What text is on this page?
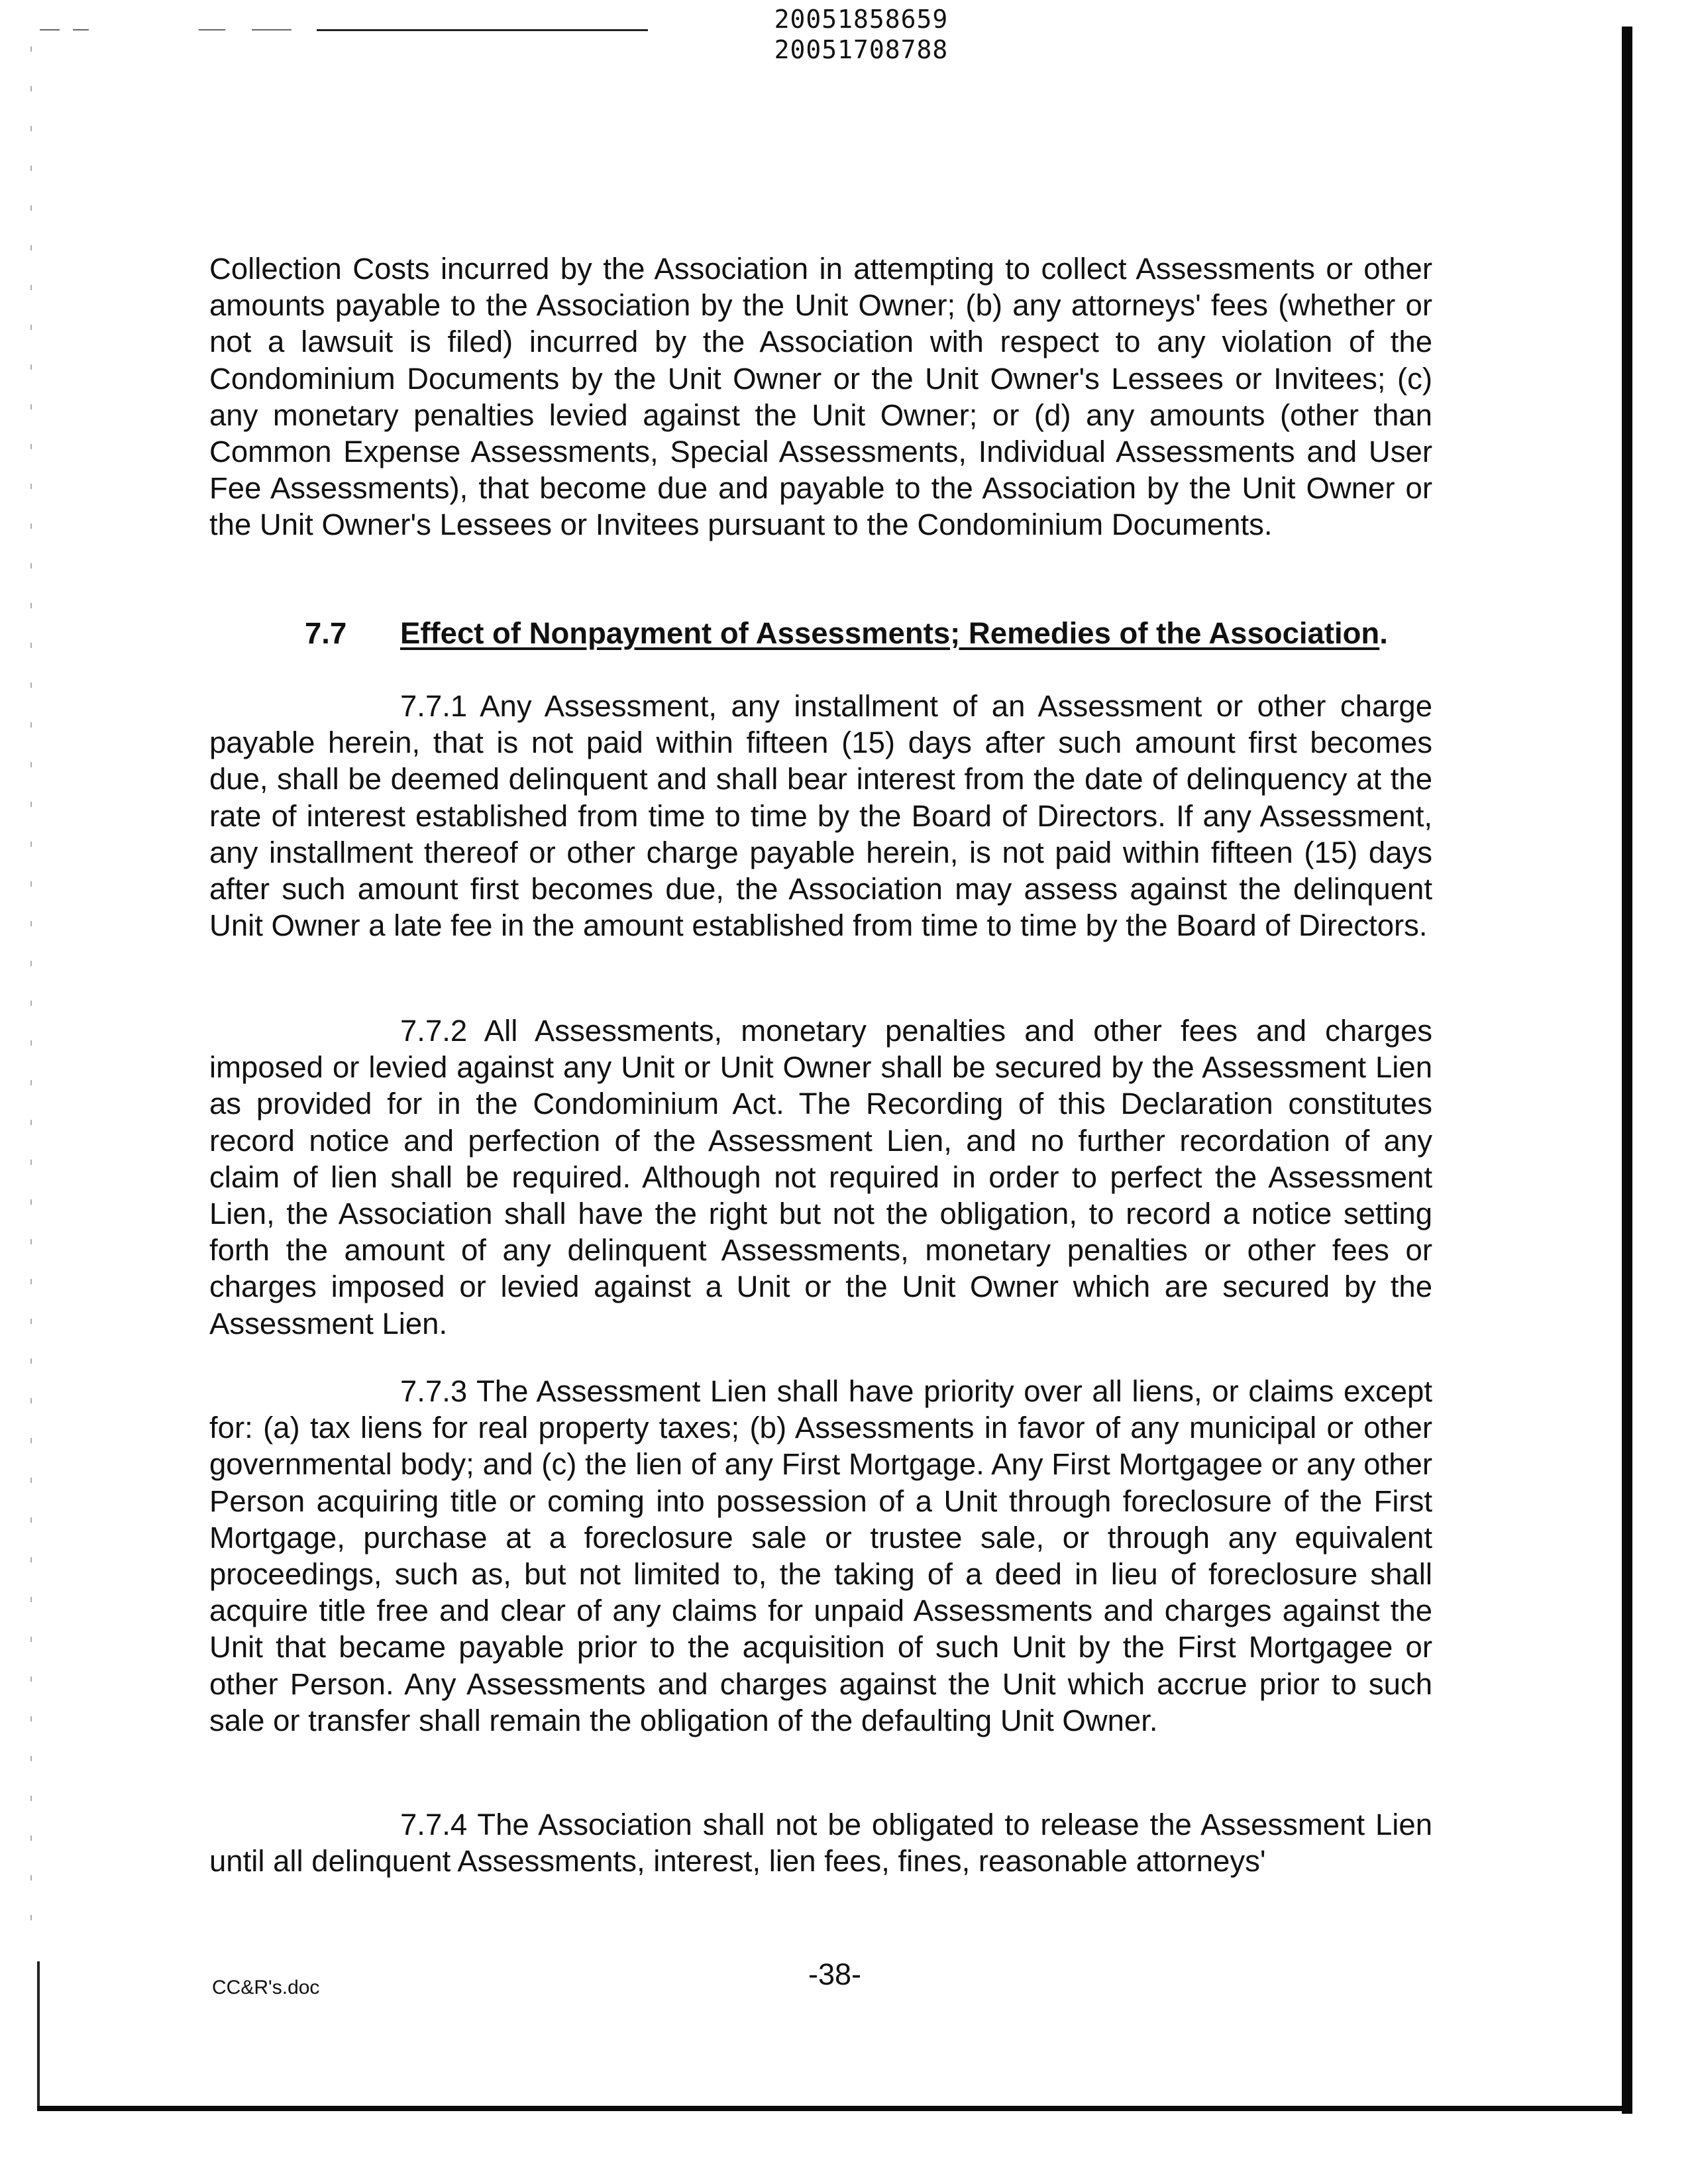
20051858659
20051708788

Collection Costs incurred by the Association in attempting to collect Assessments or other amounts payable to the Association by the Unit Owner; (b) any attorneys' fees (whether or not a lawsuit is filed) incurred by the Association with respect to any violation of the Condominium Documents by the Unit Owner or the Unit Owner's Lessees or Invitees; (c) any monetary penalties levied against the Unit Owner; or (d) any amounts (other than Common Expense Assessments, Special Assessments, Individual Assessments and User Fee Assessments), that become due and payable to the Association by the Unit Owner or the Unit Owner's Lessees or Invitees pursuant to the Condominium Documents.

7.7 Effect of Nonpayment of Assessments; Remedies of the Association.

7.7.1 Any Assessment, any installment of an Assessment or other charge payable herein, that is not paid within fifteen (15) days after such amount first becomes due, shall be deemed delinquent and shall bear interest from the date of delinquency at the rate of interest established from time to time by the Board of Directors. If any Assessment, any installment thereof or other charge payable herein, is not paid within fifteen (15) days after such amount first becomes due, the Association may assess against the delinquent Unit Owner a late fee in the amount established from time to time by the Board of Directors.

7.7.2 All Assessments, monetary penalties and other fees and charges imposed or levied against any Unit or Unit Owner shall be secured by the Assessment Lien as provided for in the Condominium Act. The Recording of this Declaration constitutes record notice and perfection of the Assessment Lien, and no further recordation of any claim of lien shall be required. Although not required in order to perfect the Assessment Lien, the Association shall have the right but not the obligation, to record a notice setting forth the amount of any delinquent Assessments, monetary penalties or other fees or charges imposed or levied against a Unit or the Unit Owner which are secured by the Assessment Lien.

7.7.3 The Assessment Lien shall have priority over all liens, or claims except for: (a) tax liens for real property taxes; (b) Assessments in favor of any municipal or other governmental body; and (c) the lien of any First Mortgage. Any First Mortgagee or any other Person acquiring title or coming into possession of a Unit through foreclosure of the First Mortgage, purchase at a foreclosure sale or trustee sale, or through any equivalent proceedings, such as, but not limited to, the taking of a deed in lieu of foreclosure shall acquire title free and clear of any claims for unpaid Assessments and charges against the Unit that became payable prior to the acquisition of such Unit by the First Mortgagee or other Person. Any Assessments and charges against the Unit which accrue prior to such sale or transfer shall remain the obligation of the defaulting Unit Owner.

7.7.4 The Association shall not be obligated to release the Assessment Lien until all delinquent Assessments, interest, lien fees, fines, reasonable attorneys'

-38-
CC&R's.doc
